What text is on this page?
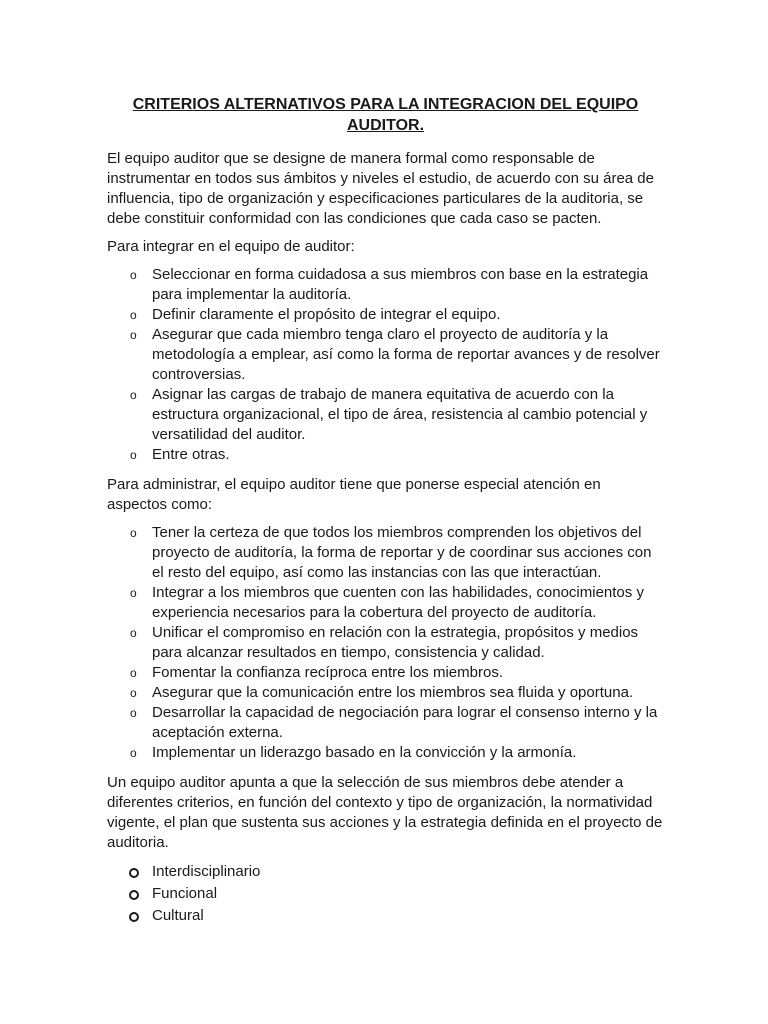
CRITERIOS ALTERNATIVOS PARA LA INTEGRACION DEL EQUIPO AUDITOR.

El equipo auditor que se designe de manera formal como responsable de instrumentar en todos sus ámbitos y niveles el estudio, de acuerdo con su área de influencia, tipo de organización y especificaciones particulares de la auditoria, se debe constituir conformidad con las condiciones que cada caso se pacten.

Para integrar en el equipo de auditor:

o Seleccionar en forma cuidadosa a sus miembros con base en la estrategia para implementar la auditoría.
o Definir claramente el propósito de integrar el equipo.
o Asegurar que cada miembro tenga claro el proyecto de auditoría y la metodología a emplear, así como la forma de reportar avances y de resolver controversias.
o Asignar las cargas de trabajo de manera equitativa de acuerdo con la estructura organizacional, el tipo de área, resistencia al cambio potencial y versatilidad del auditor.
o Entre otras.

Para administrar, el equipo auditor tiene que ponerse especial atención en aspectos como:

o Tener la certeza de que todos los miembros comprenden los objetivos del proyecto de auditoría, la forma de reportar y de coordinar sus acciones con el resto del equipo, así como las instancias con las que interactúan.
o Integrar a los miembros que cuenten con las habilidades, conocimientos y experiencia necesarios para la cobertura del proyecto de auditoría.
o Unificar el compromiso en relación con la estrategia, propósitos y medios para alcanzar resultados en tiempo, consistencia y calidad.
o Fomentar la confianza recíproca entre los miembros.
o Asegurar que la comunicación entre los miembros sea fluida y oportuna.
o Desarrollar la capacidad de negociación para lograr el consenso interno y la aceptación externa.
o Implementar un liderazgo basado en la convicción y la armonía.

Un equipo auditor apunta a que la selección de sus miembros debe atender a diferentes criterios, en función del contexto y tipo de organización, la normatividad vigente, el plan que sustenta sus acciones y la estrategia definida en el proyecto de auditoria.

Interdisciplinario
Funcional
Cultural
